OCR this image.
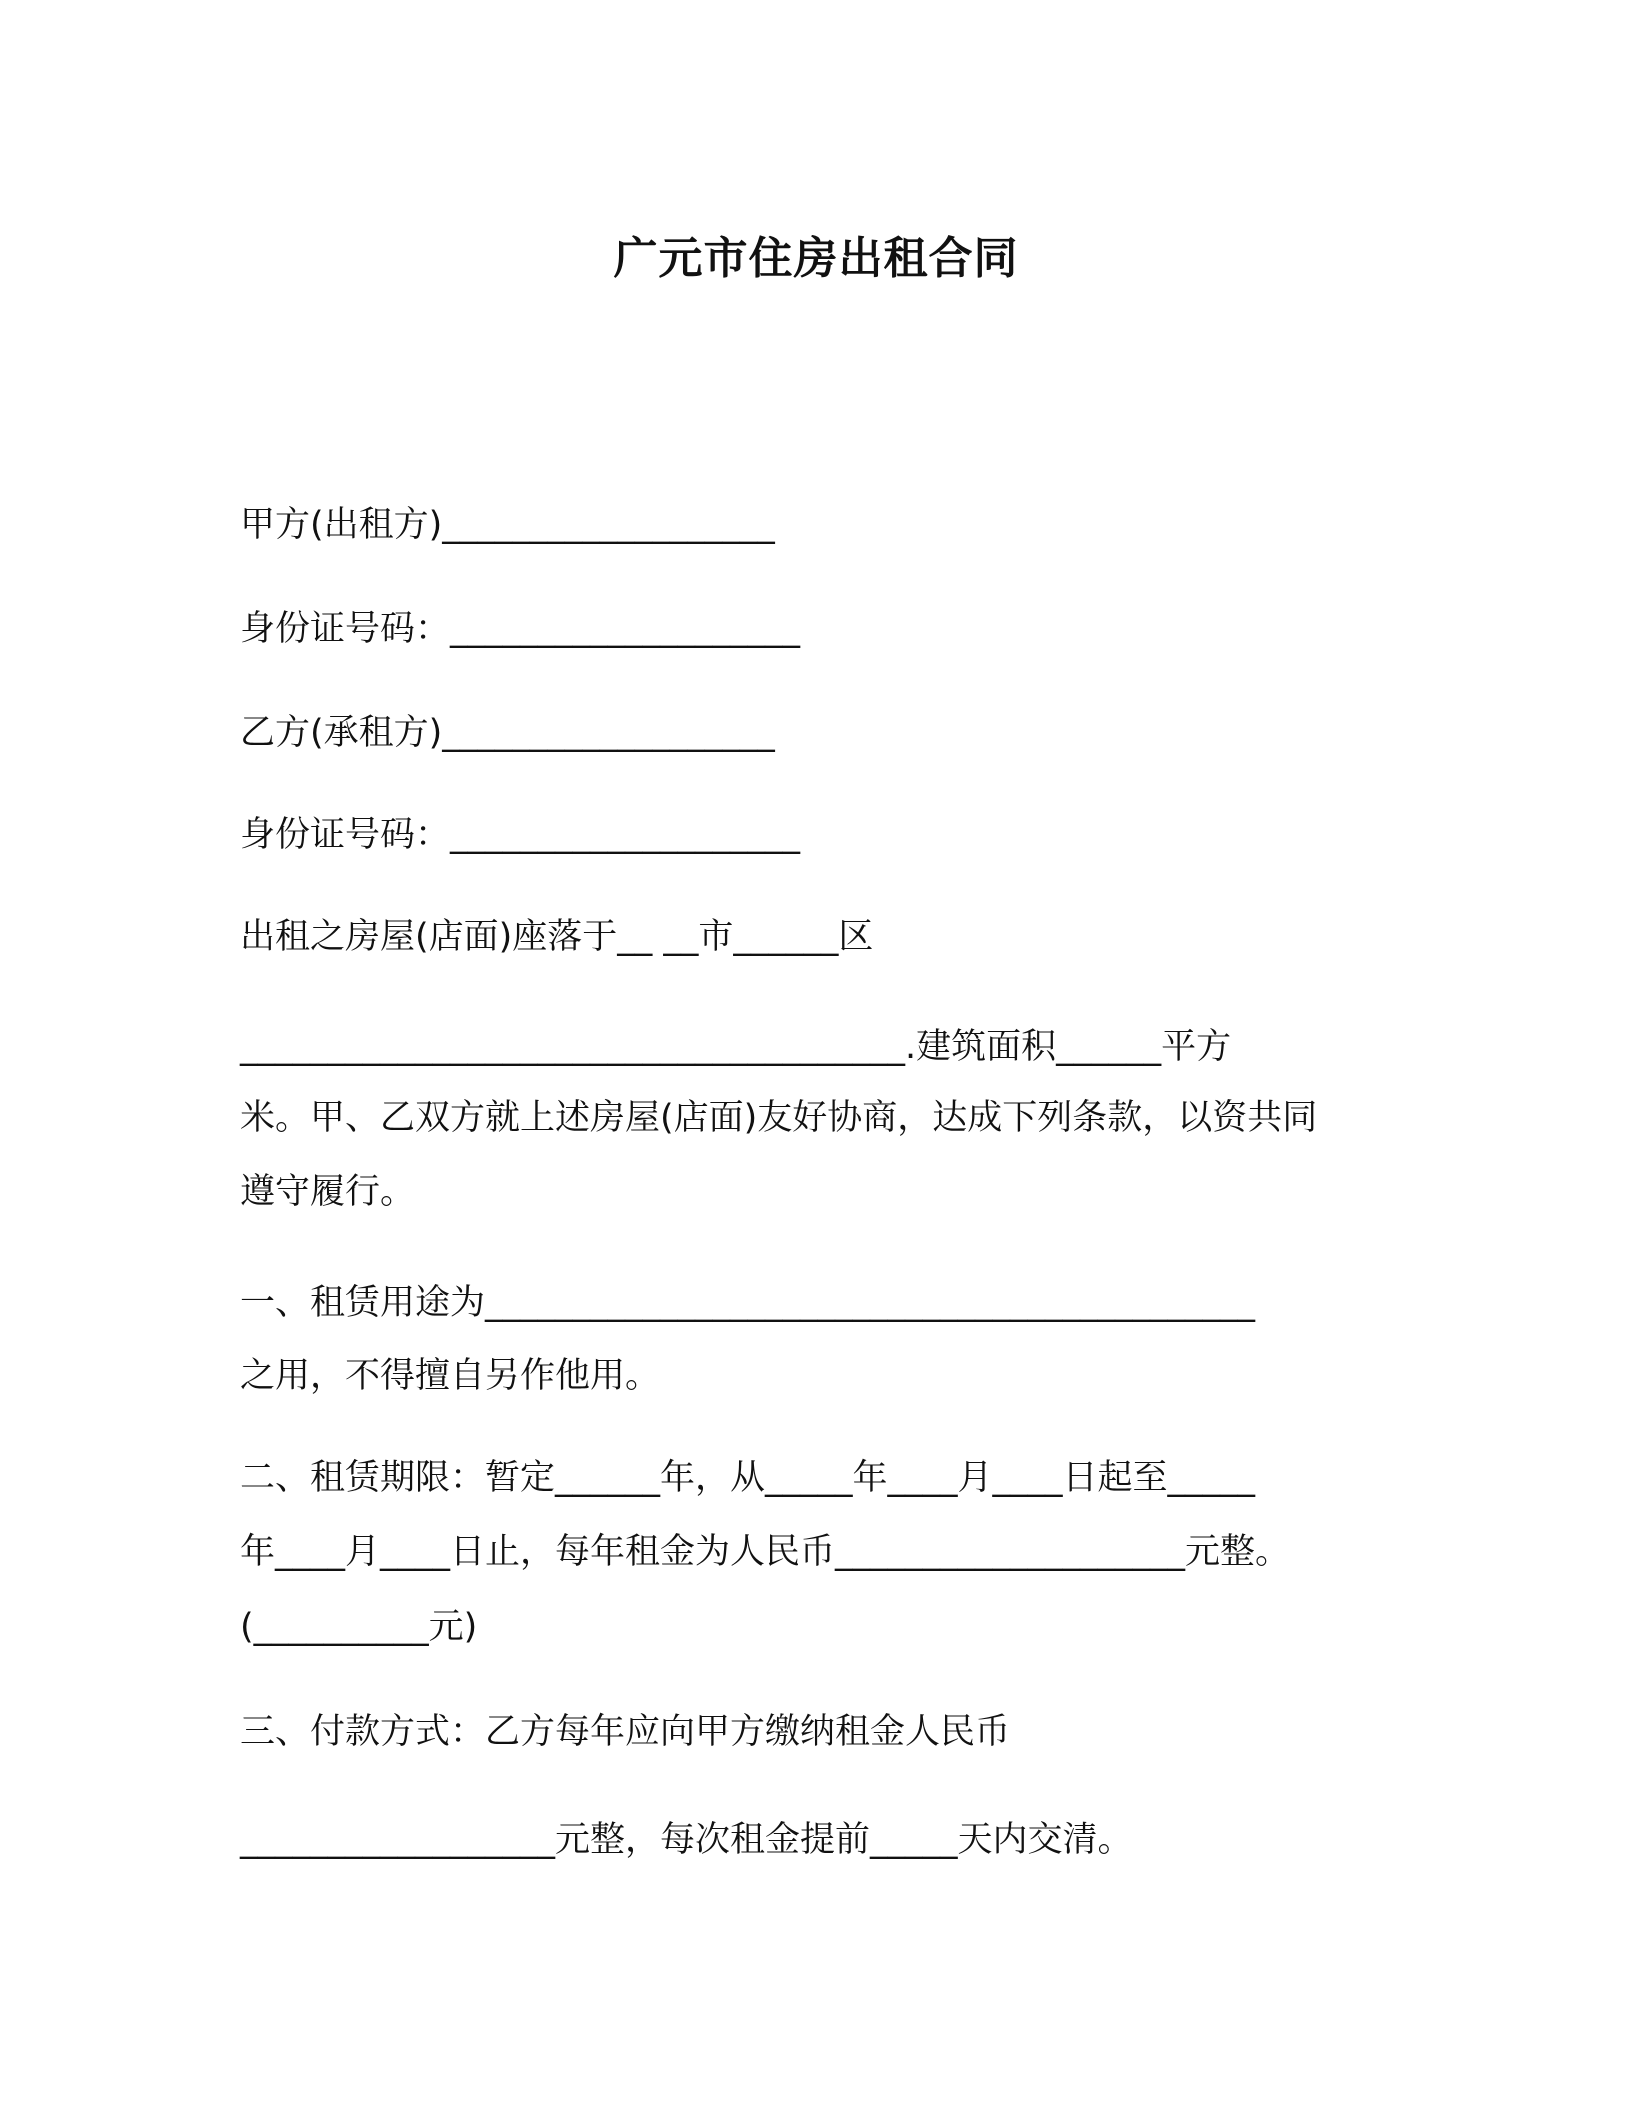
广元市住房出租合同
甲方(出租方)___________________
身份证号码：____________________
乙方(承租方)___________________
身份证号码：____________________
出租之房屋(店面)座落于__ __市______区
______________________________________.建筑面积______平方
米。甲、乙双方就上述房屋(店面)友好协商，达成下列条款，以资共同
遵守履行。
一、租赁用途为____________________________________________
之用，不得擅自另作他用。
二、租赁期限：暂定______年，从_____年____月____日起至_____
年____月____日止，每年租金为人民币____________________元整。
(__________元)
三、付款方式：乙方每年应向甲方缴纳租金人民币
__________________元整，每次租金提前_____天内交清。
